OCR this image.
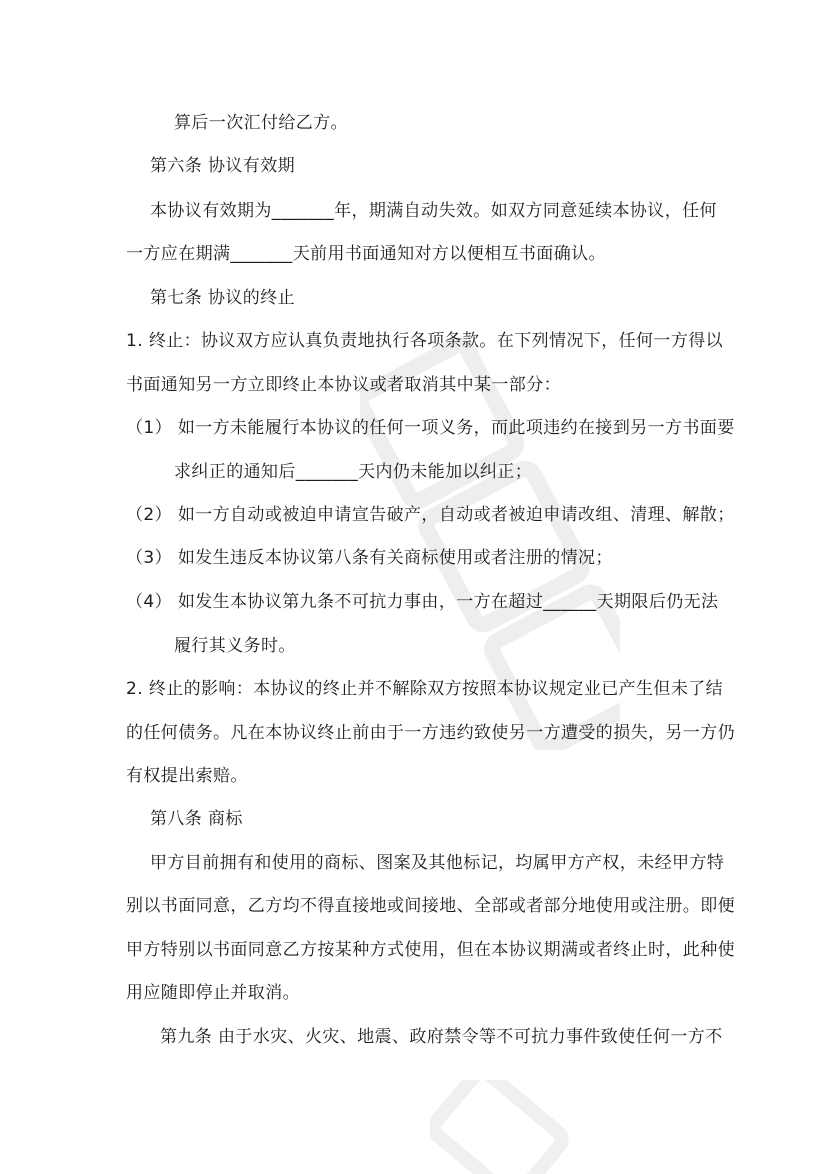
算后一次汇付给乙方。
第六条 协议有效期
本协议有效期为_______年，期满自动失效。如双方同意延续本协议，任何
一方应在期满_______天前用书面通知对方以便相互书面确认。
第七条 协议的终止
1. 终止：协议双方应认真负责地执行各项条款。在下列情况下，任何一方得以
书面通知另一方立即终止本协议或者取消其中某一部分：
（1） 如一方未能履行本协议的任何一项义务，而此项违约在接到另一方书面要
求纠正的通知后_______天内仍未能加以纠正；
（2） 如一方自动或被迫申请宣告破产，自动或者被迫申请改组、清理、解散；
（3） 如发生违反本协议第八条有关商标使用或者注册的情况；
（4） 如发生本协议第九条不可抗力事由，一方在超过______天期限后仍无法
履行其义务时。
2. 终止的影响：本协议的终止并不解除双方按照本协议规定业已产生但未了结
的任何债务。凡在本协议终止前由于一方违约致使另一方遭受的损失，另一方仍
有权提出索赔。
第八条 商标
甲方目前拥有和使用的商标、图案及其他标记，均属甲方产权，未经甲方特
别以书面同意，乙方均不得直接地或间接地、全部或者部分地使用或注册。即便
甲方特别以书面同意乙方按某种方式使用，但在本协议期满或者终止时，此种使
用应随即停止并取消。
第九条 由于水灾、火灾、地震、政府禁令等不可抗力事件致使任何一方不
